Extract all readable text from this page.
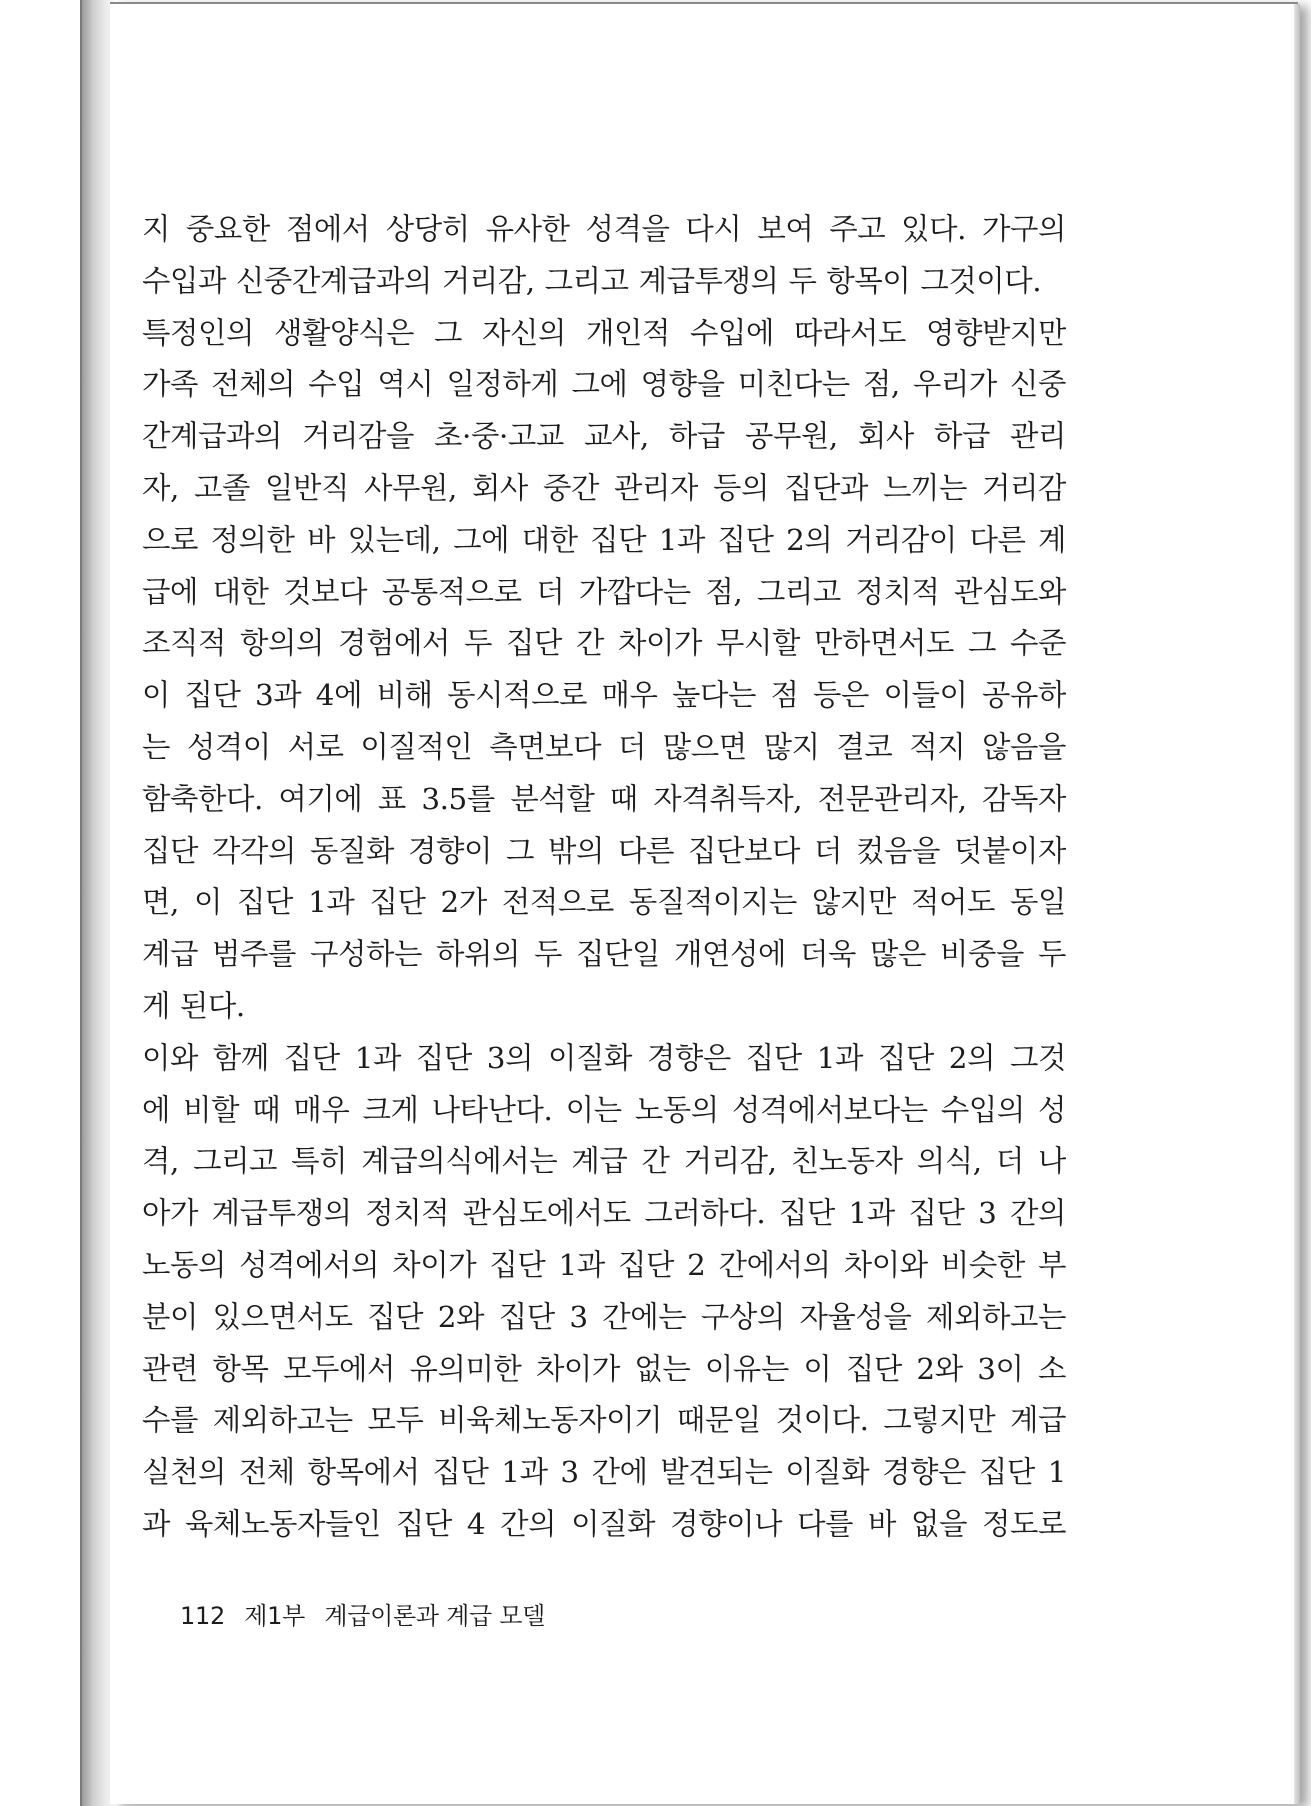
지 중요한 점에서 상당히 유사한 성격을 다시 보여 주고 있다. 가구의
수입과 신중간계급과의 거리감, 그리고 계급투쟁의 두 항목이 그것이다.
특정인의 생활양식은 그 자신의 개인적 수입에 따라서도 영향받지만
가족 전체의 수입 역시 일정하게 그에 영향을 미친다는 점, 우리가 신중
간계급과의 거리감을 초·중·고교 교사, 하급 공무원, 회사 하급 관리
자, 고졸 일반직 사무원, 회사 중간 관리자 등의 집단과 느끼는 거리감
으로 정의한 바 있는데, 그에 대한 집단 1과 집단 2의 거리감이 다른 계
급에 대한 것보다 공통적으로 더 가깝다는 점, 그리고 정치적 관심도와
조직적 항의의 경험에서 두 집단 간 차이가 무시할 만하면서도 그 수준
이 집단 3과 4에 비해 동시적으로 매우 높다는 점 등은 이들이 공유하
는 성격이 서로 이질적인 측면보다 더 많으면 많지 결코 적지 않음을
함축한다. 여기에 표 3.5를 분석할 때 자격취득자, 전문관리자, 감독자
집단 각각의 동질화 경향이 그 밖의 다른 집단보다 더 컸음을 덧붙이자
면, 이 집단 1과 집단 2가 전적으로 동질적이지는 않지만 적어도 동일
계급 범주를 구성하는 하위의 두 집단일 개연성에 더욱 많은 비중을 두
게 된다.
이와 함께 집단 1과 집단 3의 이질화 경향은 집단 1과 집단 2의 그것
에 비할 때 매우 크게 나타난다. 이는 노동의 성격에서보다는 수입의 성
격, 그리고 특히 계급의식에서는 계급 간 거리감, 친노동자 의식, 더 나
아가 계급투쟁의 정치적 관심도에서도 그러하다. 집단 1과 집단 3 간의
노동의 성격에서의 차이가 집단 1과 집단 2 간에서의 차이와 비슷한 부
분이 있으면서도 집단 2와 집단 3 간에는 구상의 자율성을 제외하고는
관련 항목 모두에서 유의미한 차이가 없는 이유는 이 집단 2와 3이 소
수를 제외하고는 모두 비육체노동자이기 때문일 것이다. 그렇지만 계급
실천의 전체 항목에서 집단 1과 3 간에 발견되는 이질화 경향은 집단 1
과 육체노동자들인 집단 4 간의 이질화 경향이나 다를 바 없을 정도로
112 제1부 계급이론과 계급 모델
